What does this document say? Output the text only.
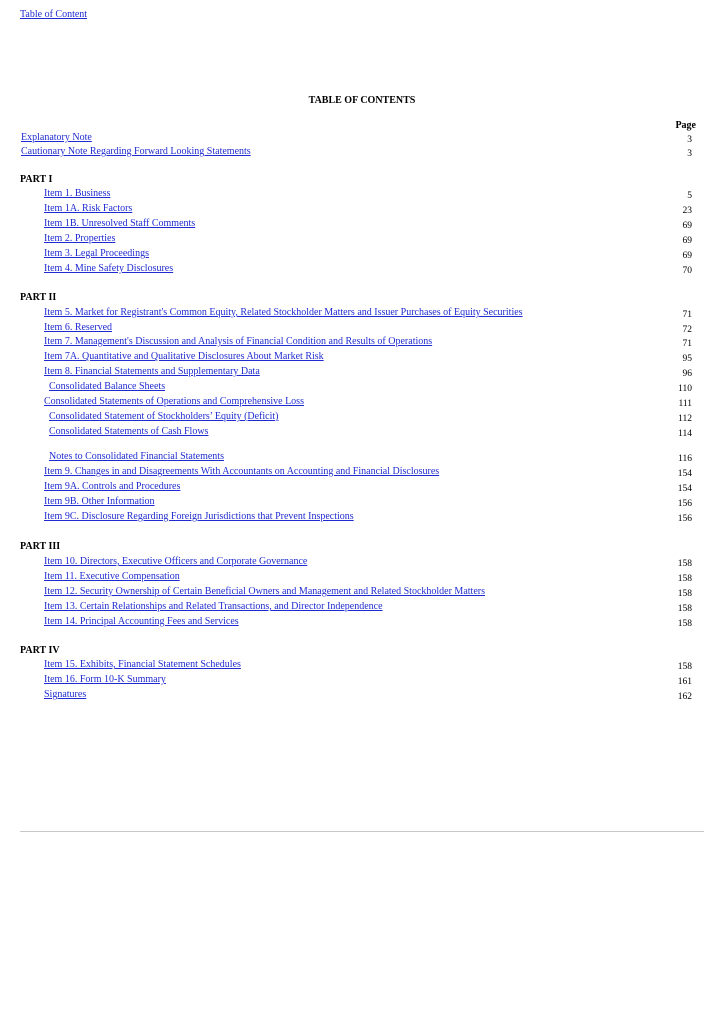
Table of Content
TABLE OF CONTENTS
Page
Explanatory Note	3
Cautionary Note Regarding Forward Looking Statements	3
PART I
Item 1. Business	5
Item 1A. Risk Factors	23
Item 1B. Unresolved Staff Comments	69
Item 2. Properties	69
Item 3. Legal Proceedings	69
Item 4. Mine Safety Disclosures	70
PART II
Item 5. Market for Registrant's Common Equity, Related Stockholder Matters and Issuer Purchases of Equity Securities	71
Item 6. Reserved	72
Item 7. Management's Discussion and Analysis of Financial Condition and Results of Operations	71
Item 7A. Quantitative and Qualitative Disclosures About Market Risk	95
Item 8. Financial Statements and Supplementary Data	96
Consolidated Balance Sheets	110
Consolidated Statements of Operations and Comprehensive Loss	111
Consolidated Statement of Stockholders’ Equity (Deficit)	112
Consolidated Statements of Cash Flows	114
Notes to Consolidated Financial Statements	116
Item 9. Changes in and Disagreements With Accountants on Accounting and Financial Disclosures	154
Item 9A. Controls and Procedures	154
Item 9B. Other Information	156
Item 9C. Disclosure Regarding Foreign Jurisdictions that Prevent Inspections	156
PART III
Item 10. Directors, Executive Officers and Corporate Governance	158
Item 11. Executive Compensation	158
Item 12. Security Ownership of Certain Beneficial Owners and Management and Related Stockholder Matters	158
Item 13. Certain Relationships and Related Transactions, and Director Independence	158
Item 14. Principal Accounting Fees and Services	158
PART IV
Item 15. Exhibits, Financial Statement Schedules	158
Item 16. Form 10-K Summary	161
Signatures	162
